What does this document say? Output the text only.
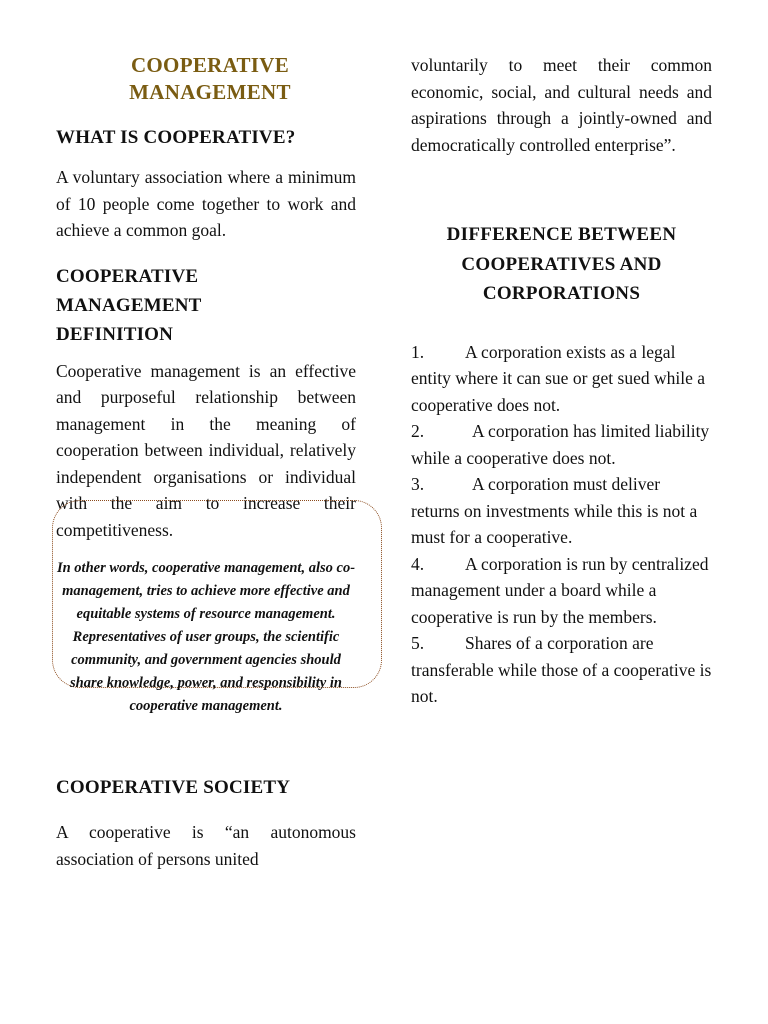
COOPERATIVE MANAGEMENT
WHAT IS COOPERATIVE?

A voluntary association where a minimum of 10 people come together to work and achieve a common goal.

COOPERATIVE MANAGEMENT DEFINITION

Cooperative management is an effective and purposeful relationship between management in the meaning of cooperation between individual, relatively independent organisations or individual with the aim to increase their competitiveness.

In other words, cooperative management, also co-management, tries to achieve more effective and equitable systems of resource management. Representatives of user groups, the scientific community, and government agencies should share knowledge, power, and responsibility in cooperative management.

COOPERATIVE SOCIETY

A cooperative is “an autonomous association of persons united

voluntarily to meet their common economic, social, and cultural needs and aspirations through a jointly-owned and democratically controlled enterprise”.

DIFFERENCE BETWEEN COOPERATIVES AND CORPORATIONS
1. A corporation exists as a legal entity where it can sue or get sued while a cooperative does not.
2.	A corporation has limited liability while a cooperative does not.
3.	A corporation must deliver returns on investments while this is not a must for a cooperative.
4. A corporation is run by centralized management under a board while a cooperative is run by the members.
5. Shares of a corporation are transferable while those of a cooperative is not.
